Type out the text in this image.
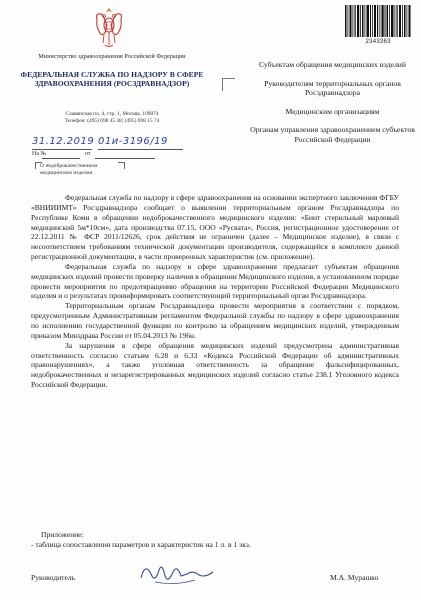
Министерство здравоохранения Российской Федерации
ФЕДЕРАЛЬНАЯ СЛУЖБА ПО НАДЗОРУ В СФЕРЕ ЗДРАВООХРАНЕНИЯ (РОСЗДРАВНАДЗОР)
Славянская пл. 4, стр. 1, Москва, 109074
Телефон: (495) 698 45 38; (495) 698 15 74
2343363
Субъектам обращения медицинских изделий
Руководителям территориальных органов Росздравнадзора
Медицинским организациям
Органам управления здравоохранением субъектов Российской Федерации
31.12.2019 01и-3196/19
На №	от
О недоброкачественном медицинском изделии

Федеральная служба по надзору в сфере здравоохранения на основании экспертного заключения ФГБУ «ВНИИИМТ» Росздравнадзора сообщает о выявлении территориальным органом Росздравнадзора по Республике Коми в обращении недоброкачественного медицинского изделия: «Бинт стерильный марлевый медицинский 5м*10см», дата производства 07.15, ООО «Русвата», Россия, регистрационное удостоверение от 22.12.2011 № ФСР 2011/12626, срок действия не ограничен (далее – Медицинское изделие), в связи с несоответствием требованиям технической документации производителя, содержащейся в комплекте данной регистрационной документации, в части проверенных характеристик (см. приложение).

Федеральная служба по надзору в сфере здравоохранения предлагает субъектам обращения медицинских изделий провести проверку наличия в обращении Медицинского изделия, в установленном порядке провести мероприятия по предотвращению обращения на территории Российской Федерации Медицинского изделия и о результатах проинформировать соответствующий территориальный орган Росздравнадзора.

Территориальным органам Росздравнадзора провести мероприятия в соответствии с порядком, предусмотренным Административным регламентом Федеральной службы по надзору в сфере здравоохранения по исполнению государственной функции по контролю за обращением медицинских изделий, утвержденным приказом Минздрава России от 05.04.2013 № 196н.

За нарушения в сфере обращения медицинских изделий предусмотрена административная ответственность согласно статьям 6.28 и 6.33 «Кодекса Российской Федерации об административных правонарушениях», а также уголовная ответственность за обращение фальсифицированных, недоброкачественных и незарегистрированных медицинских изделий согласно статье 238.1 Уголовного кодекса Российской Федерации.

Приложение:
- таблица сопоставления параметров и характеристик на 1 л. в 1 экз.
Руководитель	М.А. Мурашко
